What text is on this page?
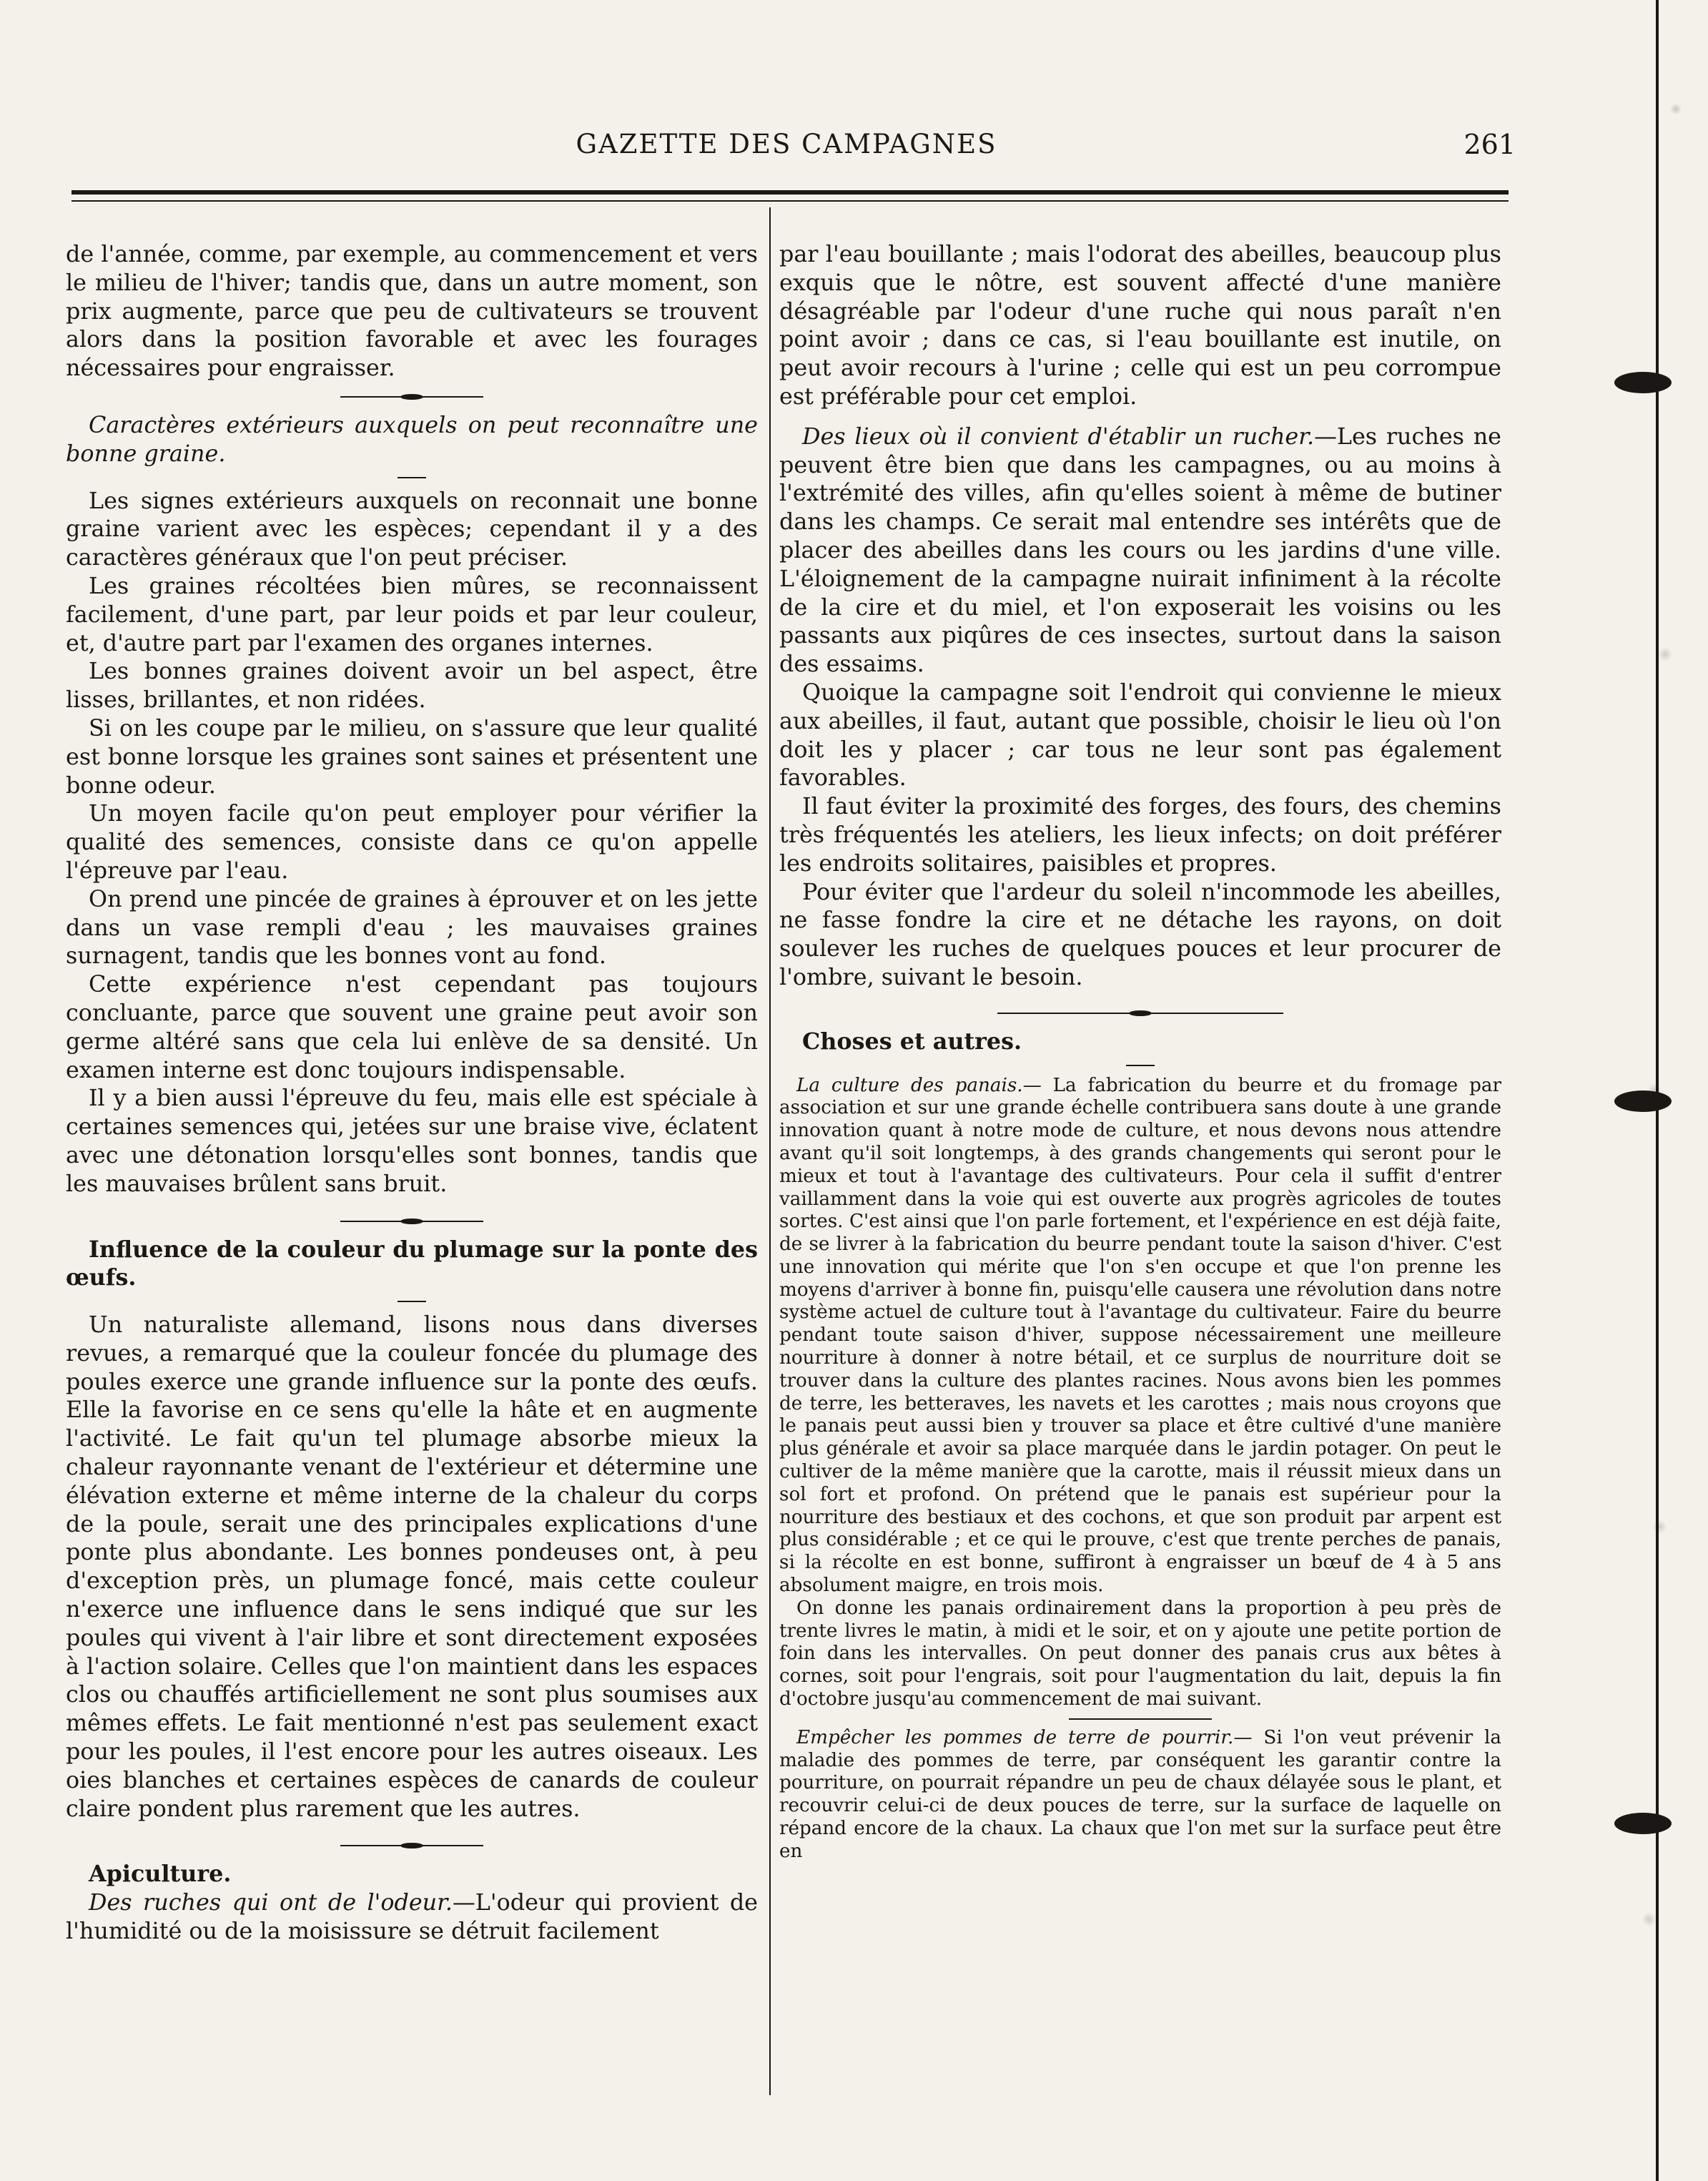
GAZETTE DES CAMPAGNES	261

de l'année, comme, par exemple, au commencement et vers le milieu de l'hiver; tandis que, dans un autre moment, son prix augmente, parce que peu de cultivateurs se trouvent alors dans la position favorable et avec les fourages nécessaires pour engraisser.

Caractères extérieurs auxquels on peut reconnaître une bonne graine.

Les signes extérieurs auxquels on reconnait une bonne graine varient avec les espèces; cependant il y a des caractères généraux que l'on peut préciser.

Les graines récoltées bien mûres, se reconnaissent facilement, d'une part, par leur poids et par leur couleur, et, d'autre part par l'examen des organes internes.

Les bonnes graines doivent avoir un bel aspect, être lisses, brillantes, et non ridées.

Si on les coupe par le milieu, on s'assure que leur qualité est bonne lorsque les graines sont saines et présentent une bonne odeur.

Un moyen facile qu'on peut employer pour vérifier la qualité des semences, consiste dans ce qu'on appelle l'épreuve par l'eau.

On prend une pincée de graines à éprouver et on les jette dans un vase rempli d'eau ; les mauvaises graines surnagent, tandis que les bonnes vont au fond.

Cette expérience n'est cependant pas toujours concluante, parce que souvent une graine peut avoir son germe altéré sans que cela lui enlève de sa densité. Un examen interne est donc toujours indispensable.

Il y a bien aussi l'épreuve du feu, mais elle est spéciale à certaines semences qui, jetées sur une braise vive, éclatent avec une détonation lorsqu'elles sont bonnes, tandis que les mauvaises brûlent sans bruit.

Influence de la couleur du plumage sur la ponte des œufs.

Un naturaliste allemand, lisons nous dans diverses revues, a remarqué que la couleur foncée du plumage des poules exerce une grande influence sur la ponte des œufs. Elle la favorise en ce sens qu'elle la hâte et en augmente l'activité. Le fait qu'un tel plumage absorbe mieux la chaleur rayonnante venant de l'extérieur et détermine une élévation externe et même interne de la chaleur du corps de la poule, serait une des principales explications d'une ponte plus abondante. Les bonnes pondeuses ont, à peu d'exception près, un plumage foncé, mais cette couleur n'exerce une influence dans le sens indiqué que sur les poules qui vivent à l'air libre et sont directement exposées à l'action solaire. Celles que l'on maintient dans les espaces clos ou chauffés artificiellement ne sont plus soumises aux mêmes effets. Le fait mentionné n'est pas seulement exact pour les poules, il l'est encore pour les autres oiseaux. Les oies blanches et certaines espèces de canards de couleur claire pondent plus rarement que les autres.

Apiculture.

Des ruches qui ont de l'odeur.—L'odeur qui provient de l'humidité ou de la moisissure se détruit facilement

par l'eau bouillante ; mais l'odorat des abeilles, beaucoup plus exquis que le nôtre, est souvent affecté d'une manière désagréable par l'odeur d'une ruche qui nous paraît n'en point avoir ; dans ce cas, si l'eau bouillante est inutile, on peut avoir recours à l'urine ; celle qui est un peu corrompue est préférable pour cet emploi.

Des lieux où il convient d'établir un rucher.—Les ruches ne peuvent être bien que dans les campagnes, ou au moins à l'extrémité des villes, afin qu'elles soient à même de butiner dans les champs. Ce serait mal entendre ses intérêts que de placer des abeilles dans les cours ou les jardins d'une ville. L'éloignement de la campagne nuirait infiniment à la récolte de la cire et du miel, et l'on exposerait les voisins ou les passants aux piqûres de ces insectes, surtout dans la saison des essaims.

Quoique la campagne soit l'endroit qui convienne le mieux aux abeilles, il faut, autant que possible, choisir le lieu où l'on doit les y placer ; car tous ne leur sont pas également favorables.

Il faut éviter la proximité des forges, des fours, des chemins très fréquentés les ateliers, les lieux infects; on doit préférer les endroits solitaires, paisibles et propres.

Pour éviter que l'ardeur du soleil n'incommode les abeilles, ne fasse fondre la cire et ne détache les rayons, on doit soulever les ruches de quelques pouces et leur procurer de l'ombre, suivant le besoin.

Choses et autres.

La culture des panais.— La fabrication du beurre et du fromage par association et sur une grande échelle contribuera sans doute à une grande innovation quant à notre mode de culture, et nous devons nous attendre avant qu'il soit longtemps, à des grands changements qui seront pour le mieux et tout à l'avantage des cultivateurs. Pour cela il suffit d'entrer vaillamment dans la voie qui est ouverte aux progrès agricoles de toutes sortes. C'est ainsi que l'on parle fortement, et l'expérience en est déjà faite, de se livrer à la fabrication du beurre pendant toute la saison d'hiver. C'est une innovation qui mérite que l'on s'en occupe et que l'on prenne les moyens d'arriver à bonne fin, puisqu'elle causera une révolution dans notre système actuel de culture tout à l'avantage du cultivateur. Faire du beurre pendant toute saison d'hiver, suppose nécessairement une meilleure nourriture à donner à notre bétail, et ce surplus de nourriture doit se trouver dans la culture des plantes racines. Nous avons bien les pommes de terre, les betteraves, les navets et les carottes ; mais nous croyons que le panais peut aussi bien y trouver sa place et être cultivé d'une manière plus générale et avoir sa place marquée dans le jardin potager. On peut le cultiver de la même manière que la carotte, mais il réussit mieux dans un sol fort et profond. On prétend que le panais est supérieur pour la nourriture des bestiaux et des cochons, et que son produit par arpent est plus considérable ; et ce qui le prouve, c'est que trente perches de panais, si la récolte en est bonne, suffiront à engraisser un bœuf de 4 à 5 ans absolument maigre, en trois mois.

On donne les panais ordinairement dans la proportion à peu près de trente livres le matin, à midi et le soir, et on y ajoute une petite portion de foin dans les intervalles. On peut donner des panais crus aux bêtes à cornes, soit pour l'engrais, soit pour l'augmentation du lait, depuis la fin d'octobre jusqu'au commencement de mai suivant.

Empêcher les pommes de terre de pourrir.— Si l'on veut prévenir la maladie des pommes de terre, par conséquent les garantir contre la pourriture, on pourrait répandre un peu de chaux délayée sous le plant, et recouvrir celui-ci de deux pouces de terre, sur la surface de laquelle on répand encore de la chaux. La chaux que l'on met sur la surface peut être en
